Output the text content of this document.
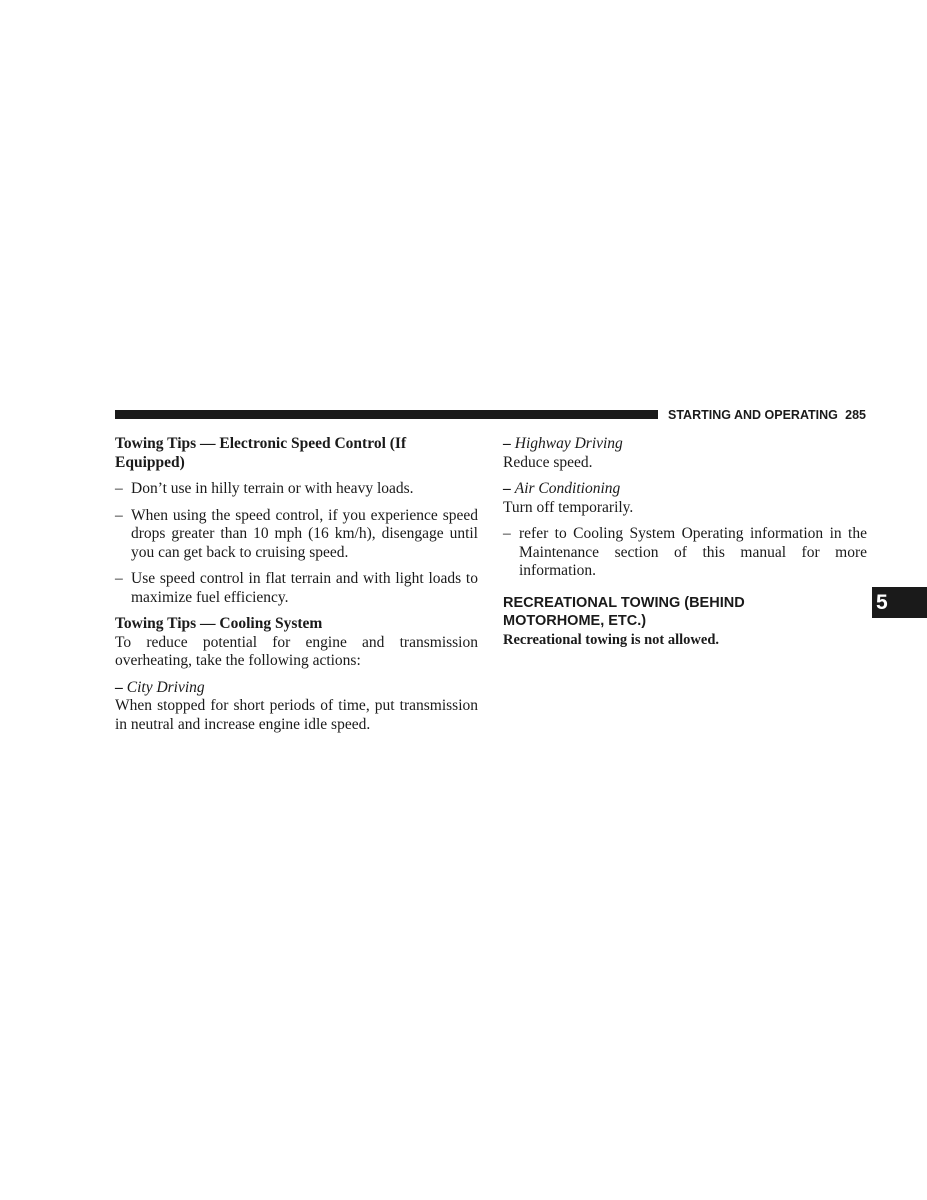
STARTING AND OPERATING 285
Towing Tips — Electronic Speed Control (If Equipped)
– Don’t use in hilly terrain or with heavy loads.
– When using the speed control, if you experience speed drops greater than 10 mph (16 km/h), disengage until you can get back to cruising speed.
– Use speed control in flat terrain and with light loads to maximize fuel efficiency.
Towing Tips — Cooling System

To reduce potential for engine and transmission overheating, take the following actions:

– City Driving

When stopped for short periods of time, put transmission in neutral and increase engine idle speed.

– Highway Driving

Reduce speed.

– Air Conditioning

Turn off temporarily.

– refer to Cooling System Operating information in the Maintenance section of this manual for more information.
RECREATIONAL TOWING (BEHIND
MOTORHOME, ETC.)
Recreational towing is not allowed.
5
